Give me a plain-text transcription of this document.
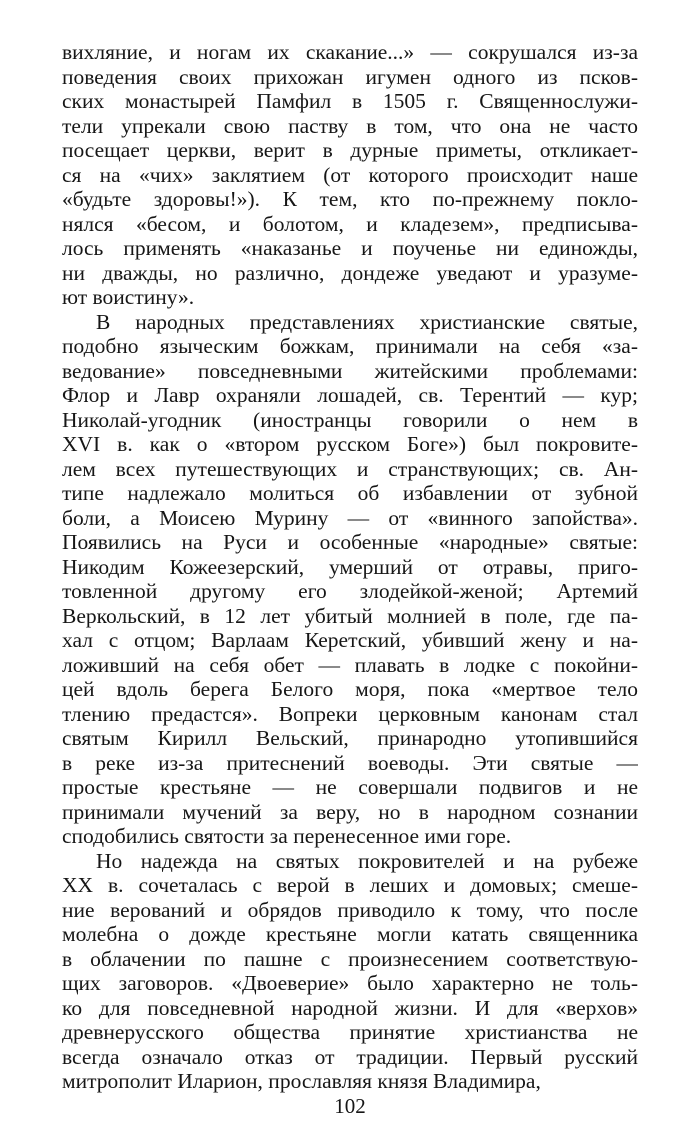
вихляние, и ногам их скакание...» — сокрушался из-за
поведения своих прихожан игумен одного из псков-
ских монастырей Памфил в 1505 г. Священнослужи-
тели упрекали свою паству в том, что она не часто
посещает церкви, верит в дурные приметы, откликает-
ся на «чих» заклятием (от которого происходит наше
«будьте здоровы!»). К тем, кто по-прежнему покло-
нялся «бесом, и болотом, и кладезем», предписыва-
лось применять «наказанье и поученье ни единожды,
ни дважды, но различно, дондеже уведают и уразуме-
ют воистину».
В народных представлениях христианские святые,
подобно языческим божкам, принимали на себя «за-
ведование» повседневными житейскими проблемами:
Флор и Лавр охраняли лошадей, св. Терентий — кур;
Николай-угодник (иностранцы говорили о нем в
XVI в. как о «втором русском Боге») был покровите-
лем всех путешествующих и странствующих; св. Ан-
типе надлежало молиться об избавлении от зубной
боли, а Моисею Мурину — от «винного запойства».
Появились на Руси и особенные «народные» святые:
Никодим Кожеезерский, умерший от отравы, приго-
товленной другому его злодейкой-женой; Артемий
Веркольский, в 12 лет убитый молнией в поле, где па-
хал с отцом; Варлаам Керетский, убивший жену и на-
ложивший на себя обет — плавать в лодке с покойни-
цей вдоль берега Белого моря, пока «мертвое тело
тлению предастся». Вопреки церковным канонам стал
святым Кирилл Вельский, принародно утопившийся
в реке из-за притеснений воеводы. Эти святые —
простые крестьяне — не совершали подвигов и не
принимали мучений за веру, но в народном сознании
сподобились святости за перенесенное ими горе.
Но надежда на святых покровителей и на рубеже
XX в. сочеталась с верой в леших и домовых; смеше-
ние верований и обрядов приводило к тому, что после
молебна о дожде крестьяне могли катать священника
в облачении по пашне с произнесением соответствую-
щих заговоров. «Двоеверие» было характерно не толь-
ко для повседневной народной жизни. И для «верхов»
древнерусского общества принятие христианства не
всегда означало отказ от традиции. Первый русский
митрополит Иларион, прославляя князя Владимира,
102
